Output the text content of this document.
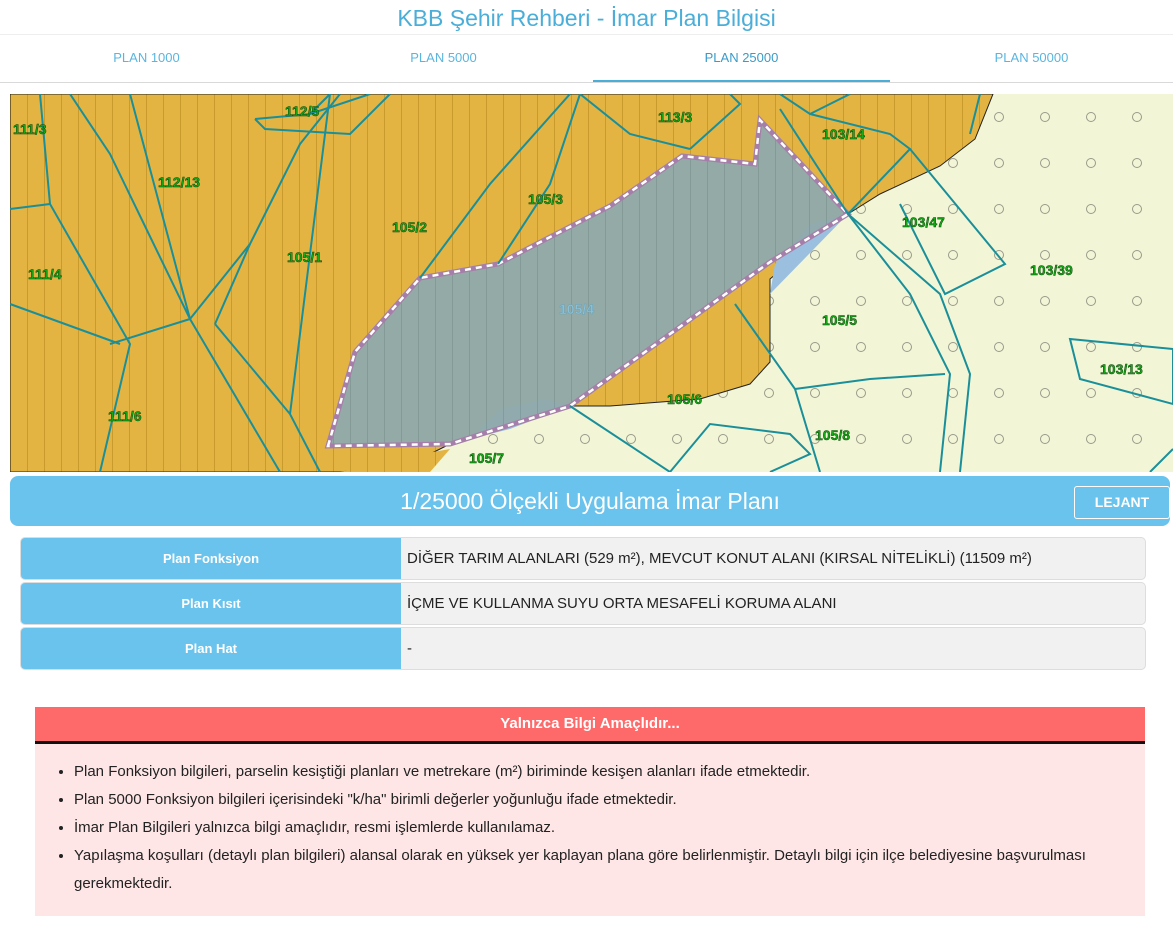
KBB Şehir Rehberi - İmar Plan Bilgisi
PLAN 1000	PLAN 5000	PLAN 25000	PLAN 50000
111/3
112/5	113/3
103/14
112/13
105/3
105/2	103/47
111/4
105/1
103/39
105/4
105/5
103/13
111/6
105/6
105/8
105/7
1/25000 Ölçekli Uygulama İmar Planı	LEJANT
Plan Fonksiyon	DİĞER TARIM ALANLARI (529 m²), MEVCUT KONUT ALANI (KIRSAL NİTELİKLİ) (11509 m²)
Plan Kısıt	İÇME VE KULLANMA SUYU ORTA MESAFELİ KORUMA ALANI
Plan Hat	-
Yalnızca Bilgi Amaçlıdır...
• Plan Fonksiyon bilgileri, parselin kesiştiği planları ve metrekare (m²) biriminde kesişen alanları ifade etmektedir.
• Plan 5000 Fonksiyon bilgileri içerisindeki "k/ha" birimli değerler yoğunluğu ifade etmektedir.
• İmar Plan Bilgileri yalnızca bilgi amaçlıdır, resmi işlemlerde kullanılamaz.
• Yapılaşma koşulları (detaylı plan bilgileri) alansal olarak en yüksek yer kaplayan plana göre belirlenmiştir. Detaylı bilgi için ilçe belediyesine başvurulması gerekmektedir.
